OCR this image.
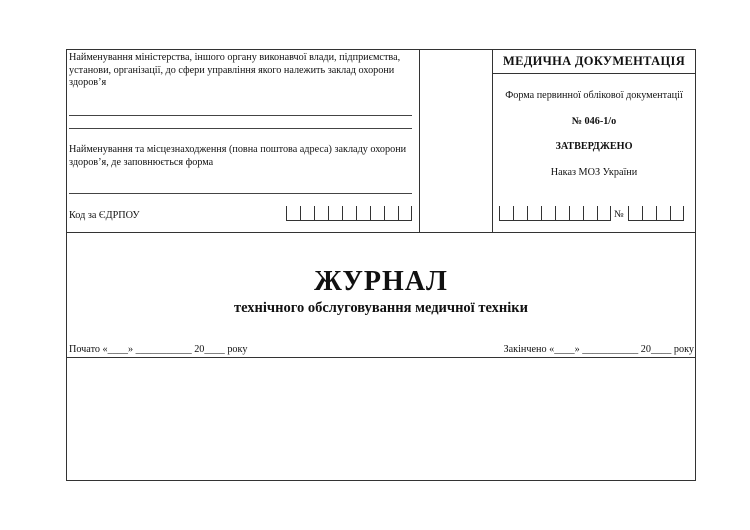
Найменування міністерства, іншого органу виконавчої влади, підприємства, установи, організації, до сфери управління якого належить заклад охорони здоров’я
Найменування та місцезнаходження (повна поштова адреса) закладу охорони здоров’я, де заповнюється форма
Код за ЄДРПОУ
МЕДИЧНА ДОКУМЕНТАЦІЯ
Форма первинної облікової документації
№ 046-1/о
ЗАТВЕРДЖЕНО
Наказ МОЗ України
№
ЖУРНАЛ
технічного обслуговування медичної техніки
Почато «____» ___________ 20____ року	Закінчено «____» ___________ 20____ року
